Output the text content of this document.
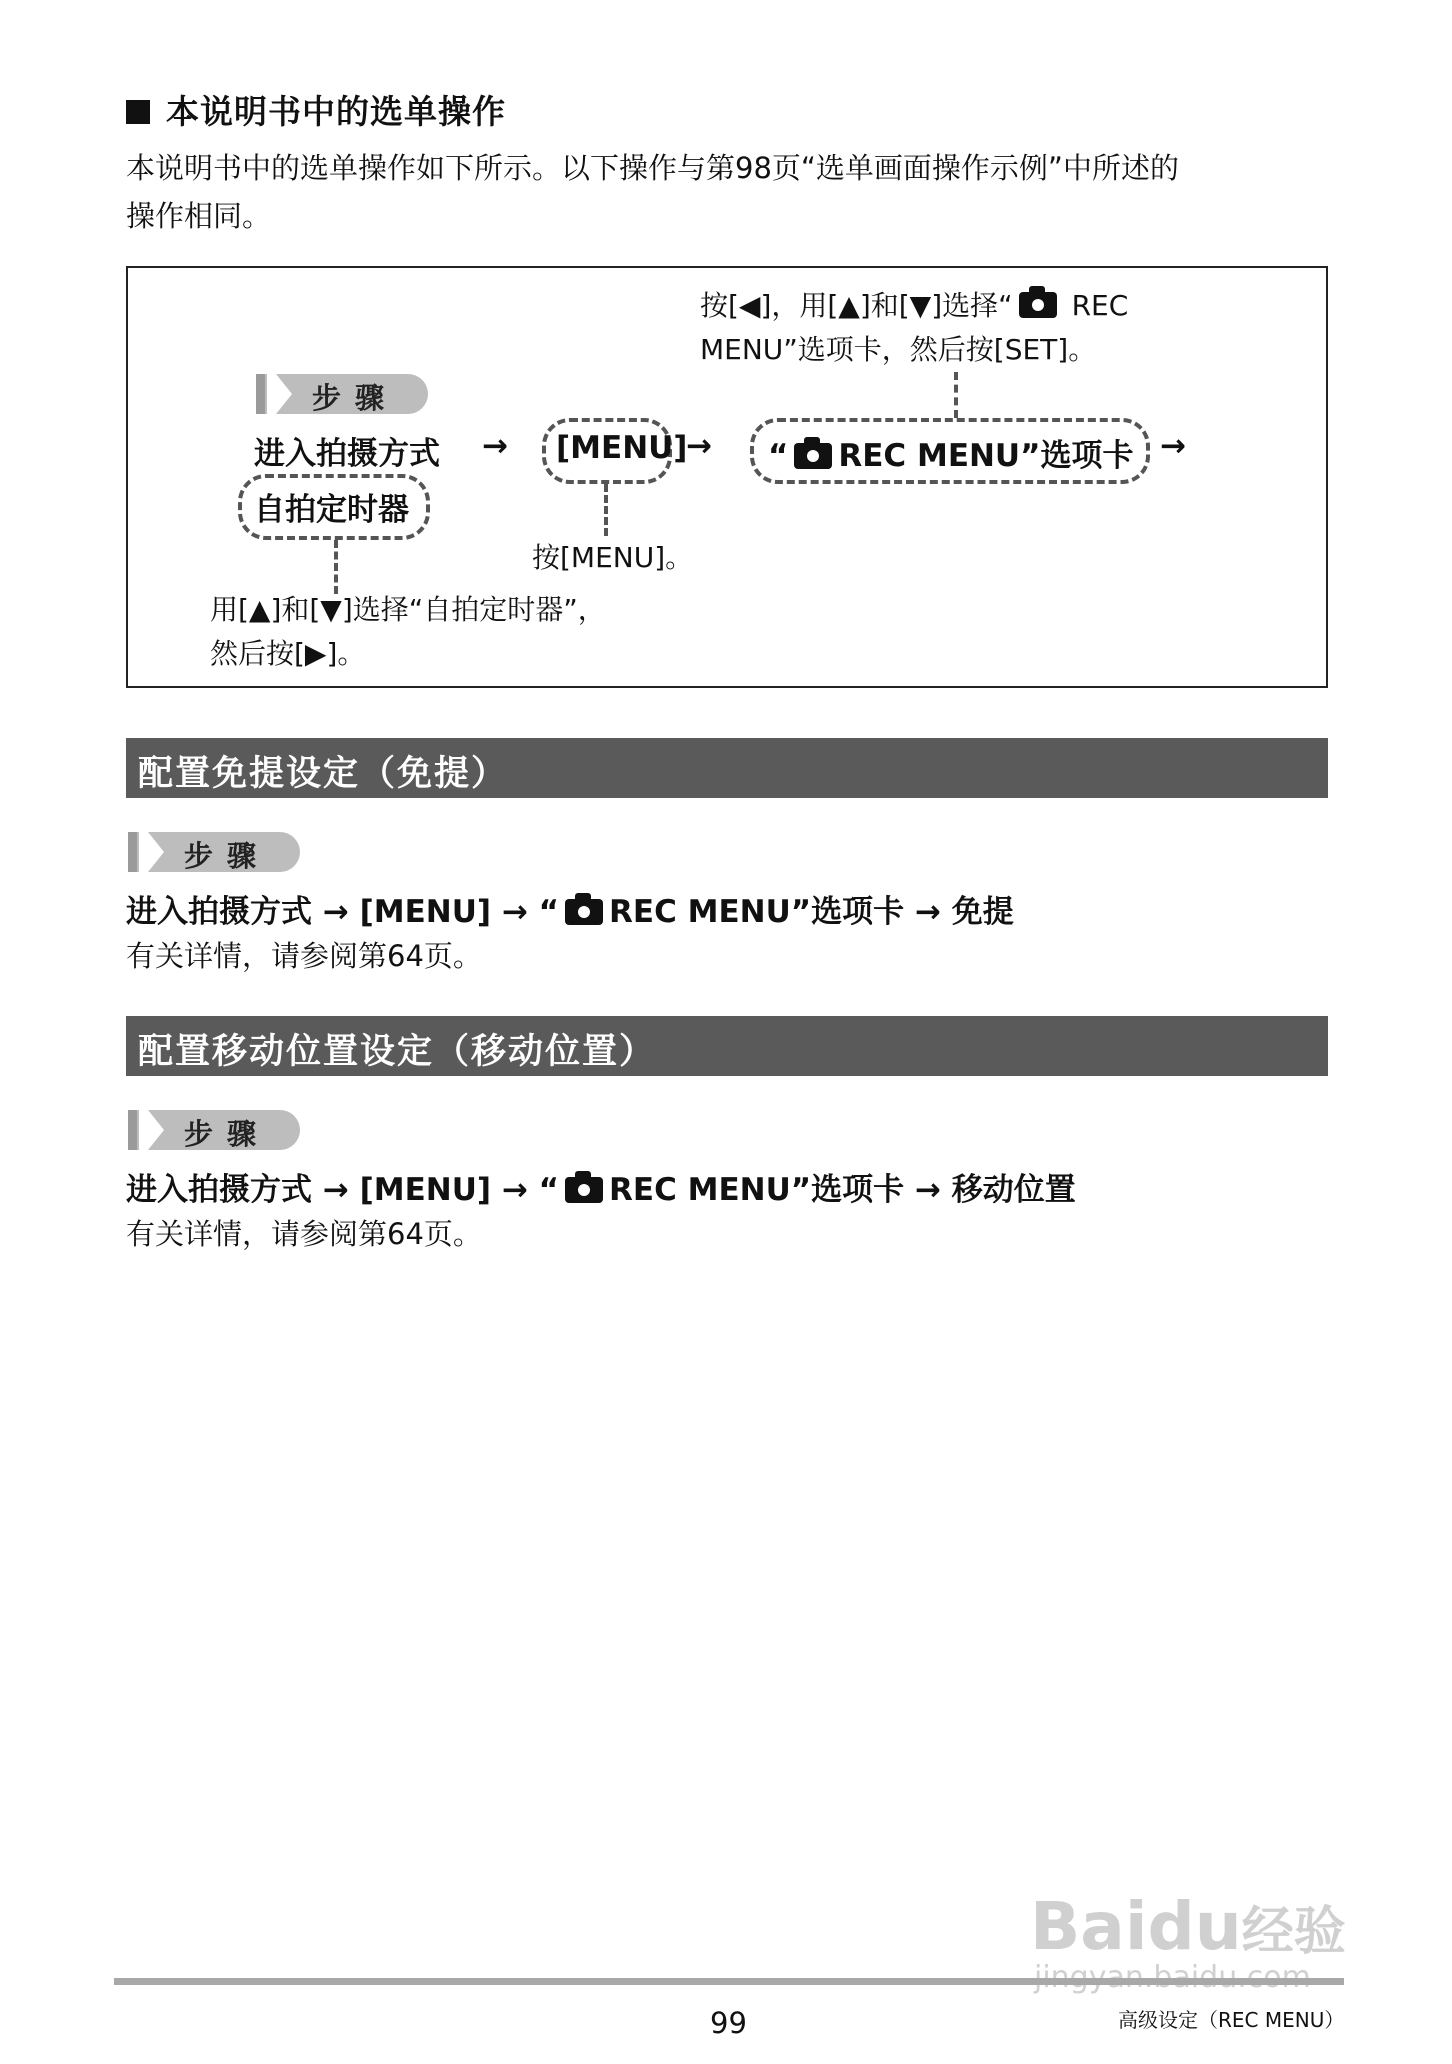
本说明书中的选单操作
本说明书中的选单操作如下所示。以下操作与第98页“选单画面操作示例”中所述的
操作相同。
按[◀]，用[▲]和[▼]选择“ REC
MENU”选项卡，然后按[SET]。
步骤
进入拍摄方式 → [MENU]
→ “ REC MENU”选项卡 →
按[MENU]。
自拍定时器
用[▲]和[▼]选择“自拍定时器”，
然后按[▶]。
配置免提设定（免提）
步骤
进入拍摄方式 → [MENU] → “ REC MENU”选项卡 → 免提
有关详情，请参阅第64页。
配置移动位置设定（移动位置）
步骤
进入拍摄方式 → [MENU] → “ REC MENU”选项卡 → 移动位置
有关详情，请参阅第64页。
Baidu经验
99	高级设定（REC MENU）
